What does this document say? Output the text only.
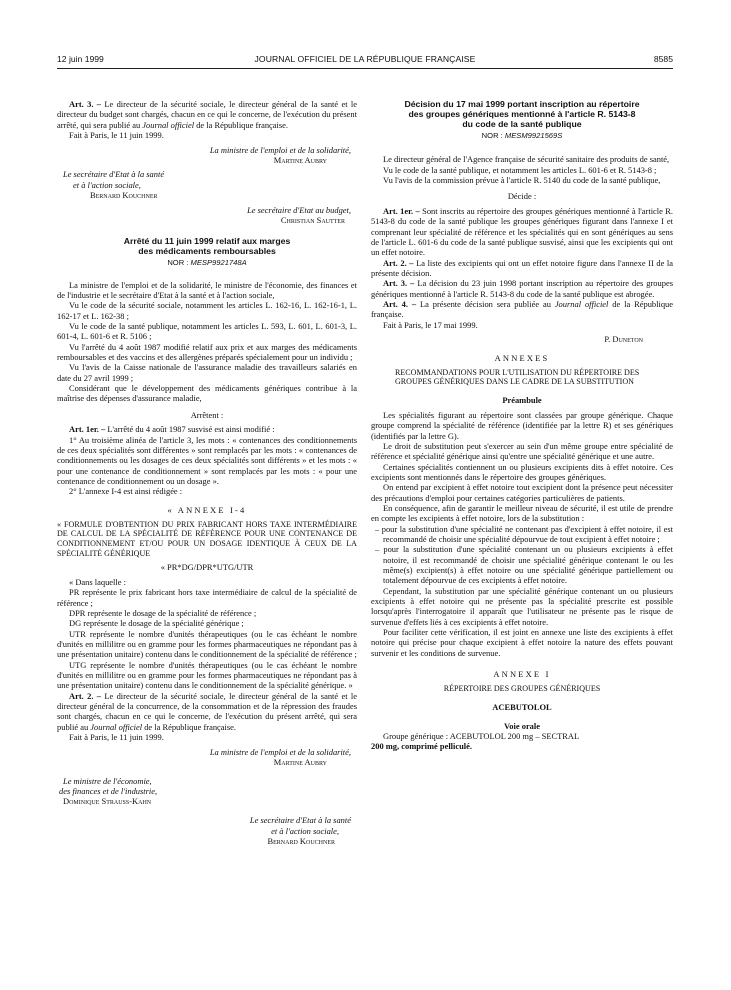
12 juin 1999	JOURNAL OFFICIEL DE LA RÉPUBLIQUE FRANÇAISE	8585

Art. 3. – Le directeur de la sécurité sociale, le directeur général de la santé et le directeur du budget sont chargés, chacun en ce qui le concerne, de l'exécution du présent arrêté, qui sera publié au Journal officiel de la République française.

Fait à Paris, le 11 juin 1999.

La ministre de l'emploi et de la solidarité,

Martine Aubry

Le secrétaire d'Etat à la santé

et à l'action sociale,

Bernard Kouchner

Le secrétaire d'Etat au budget,

Christian Sautter

Arrêté du 11 juin 1999 relatif aux marges
des médicaments remboursables
NOR : MESP9921748A

La ministre de l'emploi et de la solidarité, le ministre de l'économie, des finances et de l'industrie et le secrétaire d'Etat à la santé et à l'action sociale,

Vu le code de la sécurité sociale, notamment les articles L. 162-16, L. 162-16-1, L. 162-17 et L. 162-38 ;

Vu le code de la santé publique, notamment les articles L. 593, L. 601, L. 601-3, L. 601-4, L. 601-6 et R. 5106 ;

Vu l'arrêté du 4 août 1987 modifié relatif aux prix et aux marges des médicaments remboursables et des vaccins et des allergènes préparés spécialement pour un individu ;

Vu l'avis de la Caisse nationale de l'assurance maladie des travailleurs salariés en date du 27 avril 1999 ;

Considérant que le développement des médicaments génériques contribue à la maîtrise des dépenses d'assurance maladie,

Arrêtent :

Art. 1er. – L'arrêté du 4 août 1987 susvisé est ainsi modifié :

1° Au troisième alinéa de l'article 3, les mots : « contenances des conditionnements de ces deux spécialités sont différentes » sont remplacés par les mots : « contenances de conditionnements ou les dosages de ces deux spécialités sont différents » et les mots : « pour une contenance de conditionnement » sont remplacés par les mots : « pour une contenance de conditionnement ou un dosage ».

2° L'annexe I-4 est ainsi rédigée :

« ANNEXE I-4

« FORMULE D'OBTENTION DU PRIX FABRICANT HORS TAXE INTERMÉDIAIRE DE CALCUL DE LA SPÉCIALITÉ DE RÉFÉRENCE POUR UNE CONTENANCE DE CONDITIONNEMENT ET/OU POUR UN DOSAGE IDENTIQUE À CEUX DE LA SPÉCIALITÉ GÉNÉRIQUE

« PR*DG/DPR*UTG/UTR

« Dans laquelle :

PR représente le prix fabricant hors taxe intermédiaire de calcul de la spécialité de référence ;

DPR représente le dosage de la spécialité de référence ;

DG représente le dosage de la spécialité générique ;

UTR représente le nombre d'unités thérapeutiques (ou le cas échéant le nombre d'unités en millilitre ou en gramme pour les formes pharmaceutiques ne répondant pas à une présentation unitaire) contenu dans le conditionnement de la spécialité de référence ;

UTG représente le nombre d'unités thérapeutiques (ou le cas échéant le nombre d'unités en millilitre ou en gramme pour les formes pharmaceutiques ne répondant pas à une présentation unitaire) contenu dans le conditionnement de la spécialité générique. »

Art. 2. – Le directeur de la sécurité sociale, le directeur général de la santé et le directeur général de la concurrence, de la consommation et de la répression des fraudes sont chargés, chacun en ce qui le concerne, de l'exécution du présent arrêté, qui sera publié au Journal officiel de la République française.

Fait à Paris, le 11 juin 1999.

La ministre de l'emploi et de la solidarité,

Martine Aubry

Le ministre de l'économie,

des finances et de l'industrie,

Dominique Strauss-Kahn

Le secrétaire d'Etat à la santé

et à l'action sociale,

Bernard Kouchner

Décision du 17 mai 1999 portant inscription au répertoire
des groupes génériques mentionné à l'article R. 5143-8
du code de la santé publique
NOR : MESM9921569S

Le directeur général de l'Agence française de sécurité sanitaire des produits de santé,

Vu le code de la santé publique, et notamment les articles L. 601-6 et R. 5143-8 ;

Vu l'avis de la commission prévue à l'article R. 5140 du code de la santé publique,

Décide :

Art. 1er. – Sont inscrits au répertoire des groupes génériques mentionné à l'article R. 5143-8 du code de la santé publique les groupes génériques figurant dans l'annexe I et comprenant leur spécialité de référence et les spécialités qui en sont génériques au sens de l'article L. 601-6 du code de la santé publique susvisé, ainsi que les excipients qui ont un effet notoire.

Art. 2. – La liste des excipients qui ont un effet notoire figure dans l'annexe II de la présente décision.

Art. 3. – La décision du 23 juin 1998 portant inscription au répertoire des groupes génériques mentionné à l'article R. 5143-8 du code de la santé publique est abrogée.

Art. 4. – La présente décision sera publiée au Journal officiel de la République française.

Fait à Paris, le 17 mai 1999.

P. Duneton

ANNEXES

RECOMMANDATIONS POUR L'UTILISATION DU RÉPERTOIRE DES GROUPES GÉNÉRIQUES DANS LE CADRE DE LA SUBSTITUTION

Préambule

Les spécialités figurant au répertoire sont classées par groupe générique. Chaque groupe comprend la spécialité de référence (identifiée par la lettre R) et ses génériques (identifiés par la lettre G).

Le droit de substitution peut s'exercer au sein d'un même groupe entre spécialité de référence et spécialité générique ainsi qu'entre une spécialité générique et une autre.

Certaines spécialités contiennent un ou plusieurs excipients dits à effet notoire. Ces excipients sont mentionnés dans le répertoire des groupes génériques.

On entend par excipient à effet notoire tout excipient dont la présence peut nécessiter des précautions d'emploi pour certaines catégories particulières de patients.

En conséquence, afin de garantir le meilleur niveau de sécurité, il est utile de prendre en compte les excipients à effet notoire, lors de la substitution :

– pour la substitution d'une spécialité ne contenant pas d'excipient à effet notoire, il est recommandé de choisir une spécialité dépourvue de tout excipient à effet notoire ;

– pour la substitution d'une spécialité contenant un ou plusieurs excipients à effet notoire, il est recommandé de choisir une spécialité générique contenant le ou les même(s) excipient(s) à effet notoire ou une spécialité générique partiellement ou totalement dépourvue de ces excipients à effet notoire.

Cependant, la substitution par une spécialité générique contenant un ou plusieurs excipients à effet notoire qui ne présente pas la spécialité prescrite est possible lorsqu'après l'interrogatoire il apparaît que l'utilisateur ne présente pas le risque de survenue d'effets liés à ces excipients à effet notoire.

Pour faciliter cette vérification, il est joint en annexe une liste des excipients à effet notoire qui précise pour chaque excipient à effet notoire la nature des effets pouvant survenir et les conditions de survenue.

ANNEXE I

RÉPERTOIRE DES GROUPES GÉNÉRIQUES

ACEBUTOLOL

Voie orale

Groupe générique : ACEBUTOLOL 200 mg – SECTRAL

200 mg, comprimé pelliculé.
